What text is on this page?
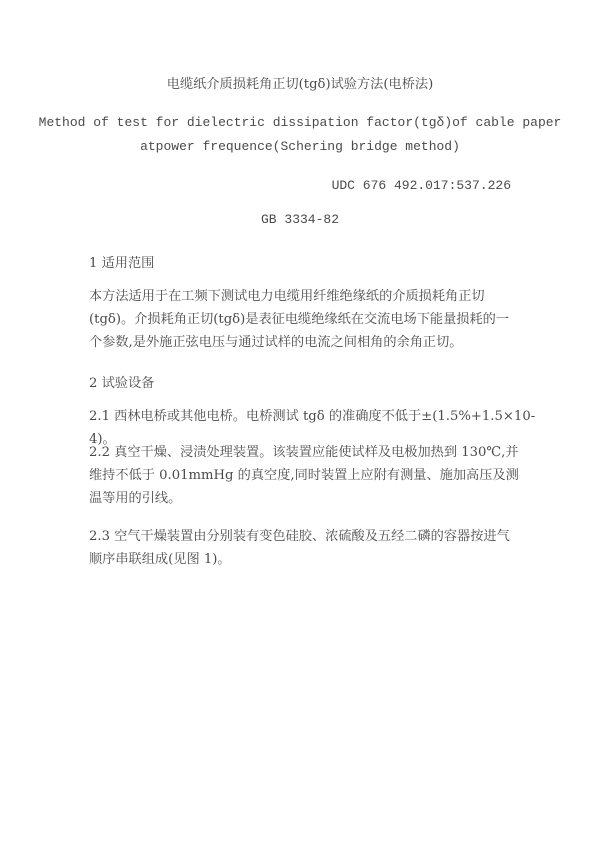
电缆纸介质损耗角正切(tgδ)试验方法(电桥法)
Method of test for dielectric dissipation factor(tgδ)of cable paper
atpower frequence(Schering bridge method)
UDC 676 492.017:537.226
GB 3334-82
1 适用范围
本方法适用于在工频下测试电力电缆用纤维绝缘纸的介质损耗角正切(tgδ)。介损耗角正切(tgδ)是表征电缆绝缘纸在交流电场下能量损耗的一个参数,是外施正弦电压与通过试样的电流之间相角的余角正切。
2 试验设备
2.1 西林电桥或其他电桥。电桥测试 tgδ 的准确度不低于±(1.5%+1.5×10-4)。
2.2 真空干燥、浸渍处理装置。该装置应能使试样及电极加热到 130℃,并维持不低于 0.01mmHg 的真空度,同时装置上应附有测量、施加高压及测温等用的引线。
2.3 空气干燥装置由分别装有变色硅胶、浓硫酸及五经二磷的容器按进气顺序串联组成(见图 1)。
